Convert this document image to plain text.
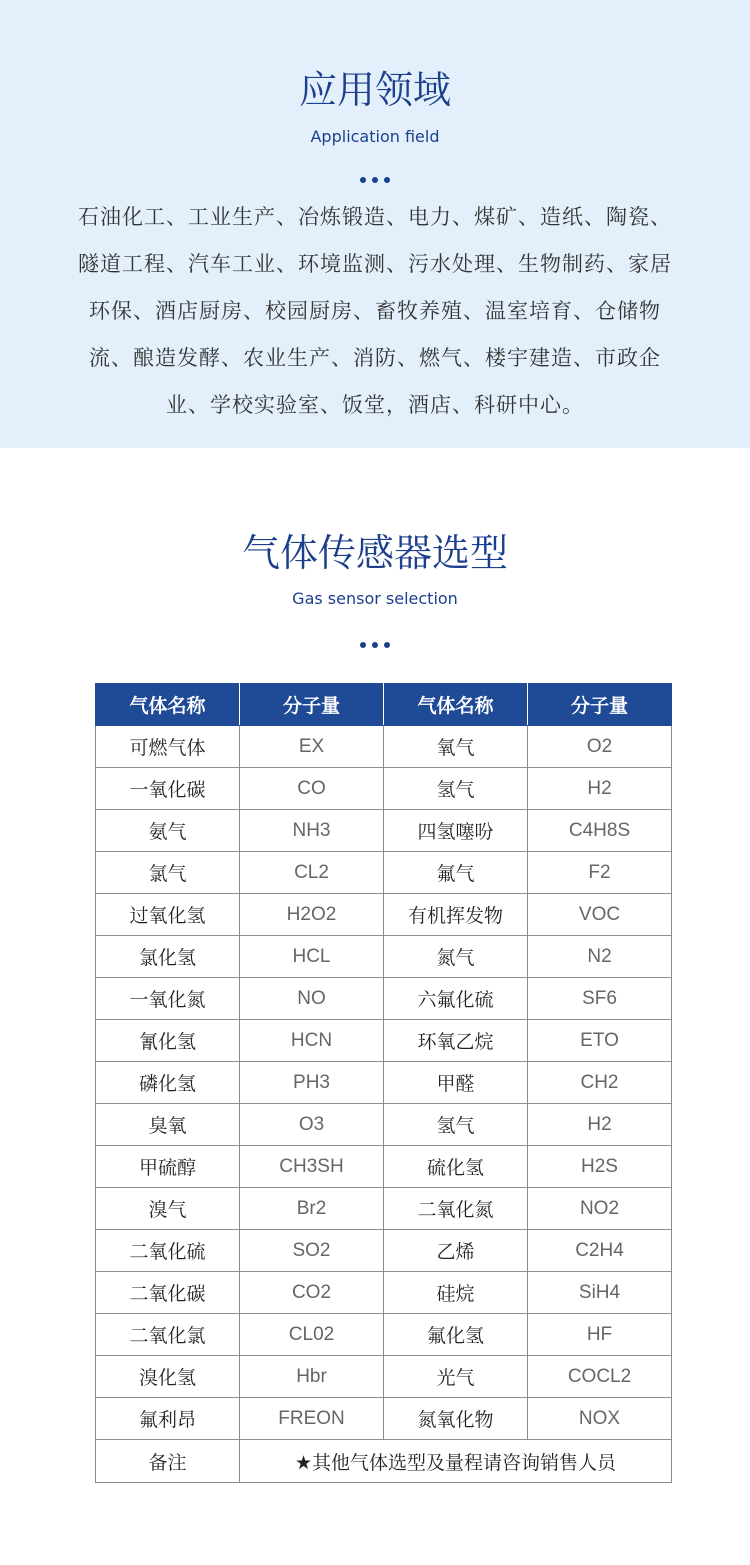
应用领域
Application field
石油化工、工业生产、冶炼锻造、电力、煤矿、造纸、陶瓷、
隧道工程、汽车工业、环境监测、污水处理、生物制药、家居
环保、酒店厨房、校园厨房、畜牧养殖、温室培育、仓储物
流、酿造发酵、农业生产、消防、燃气、楼宇建造、市政企
业、学校实验室、饭堂，酒店、科研中心。
气体传感器选型
Gas sensor selection
气体名称	分子量	气体名称	分子量
可燃气体	EX	氧气	O2
一氧化碳	CO	氢气	H2
氨气	NH3	四氢噻吩	C4H8S
氯气	CL2	氟气	F2
过氧化氢	H2O2	有机挥发物	VOC
氯化氢	HCL	氮气	N2
一氧化氮	NO	六氟化硫	SF6
氰化氢	HCN	环氧乙烷	ETO
磷化氢	PH3	甲醛	CH2
臭氧	O3	氢气	H2
甲硫醇	CH3SH	硫化氢	H2S
溴气	Br2	二氧化氮	NO2
二氧化硫	SO2	乙烯	C2H4
二氧化碳	CO2	硅烷	SiH4
二氧化氯	CL02	氟化氢	HF
溴化氢	Hbr	光气	COCL2
氟利昂	FREON	氮氧化物	NOX
备注	★其他气体选型及量程请咨询销售人员		
